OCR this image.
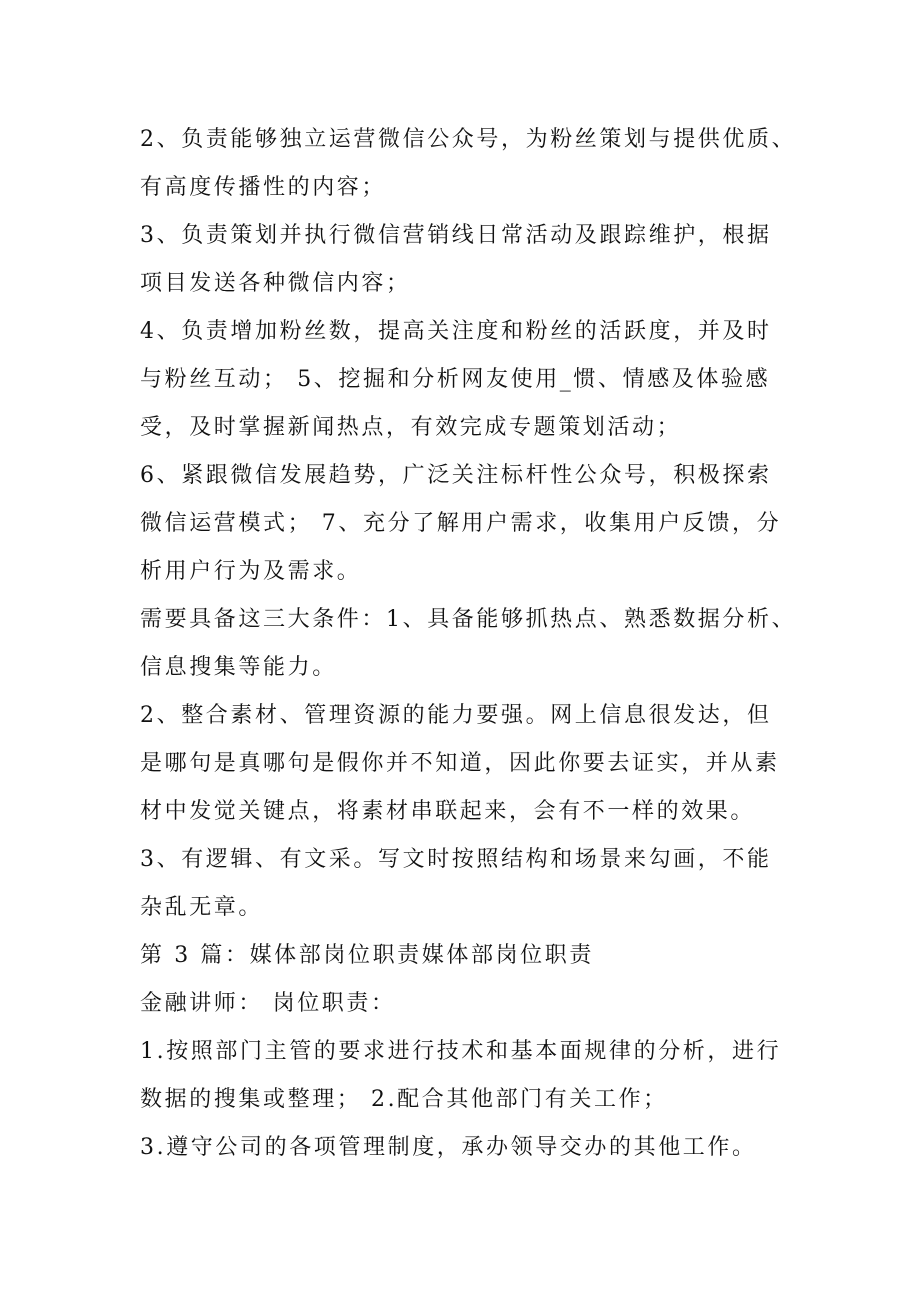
2、负责能够独立运营微信公众号，为粉丝策划与提供优质、
有高度传播性的内容；
3、负责策划并执行微信营销线日常活动及跟踪维护，根据
项目发送各种微信内容；
4、负责增加粉丝数，提高关注度和粉丝的活跃度，并及时
与粉丝互动； 5、挖掘和分析网友使用_惯、情感及体验感
受，及时掌握新闻热点，有效完成专题策划活动；
6、紧跟微信发展趋势，广泛关注标杆性公众号，积极探索
微信运营模式； 7、充分了解用户需求，收集用户反馈，分
析用户行为及需求。
需要具备这三大条件：1、具备能够抓热点、熟悉数据分析、
信息搜集等能力。
2、整合素材、管理资源的能力要强。网上信息很发达，但
是哪句是真哪句是假你并不知道，因此你要去证实，并从素
材中发觉关键点，将素材串联起来，会有不一样的效果。
3、有逻辑、有文采。写文时按照结构和场景来勾画，不能
杂乱无章。
第 3 篇：媒体部岗位职责媒体部岗位职责
金融讲师： 岗位职责：
1.按照部门主管的要求进行技术和基本面规律的分析，进行
数据的搜集或整理； 2.配合其他部门有关工作；
3.遵守公司的各项管理制度，承办领导交办的其他工作。
